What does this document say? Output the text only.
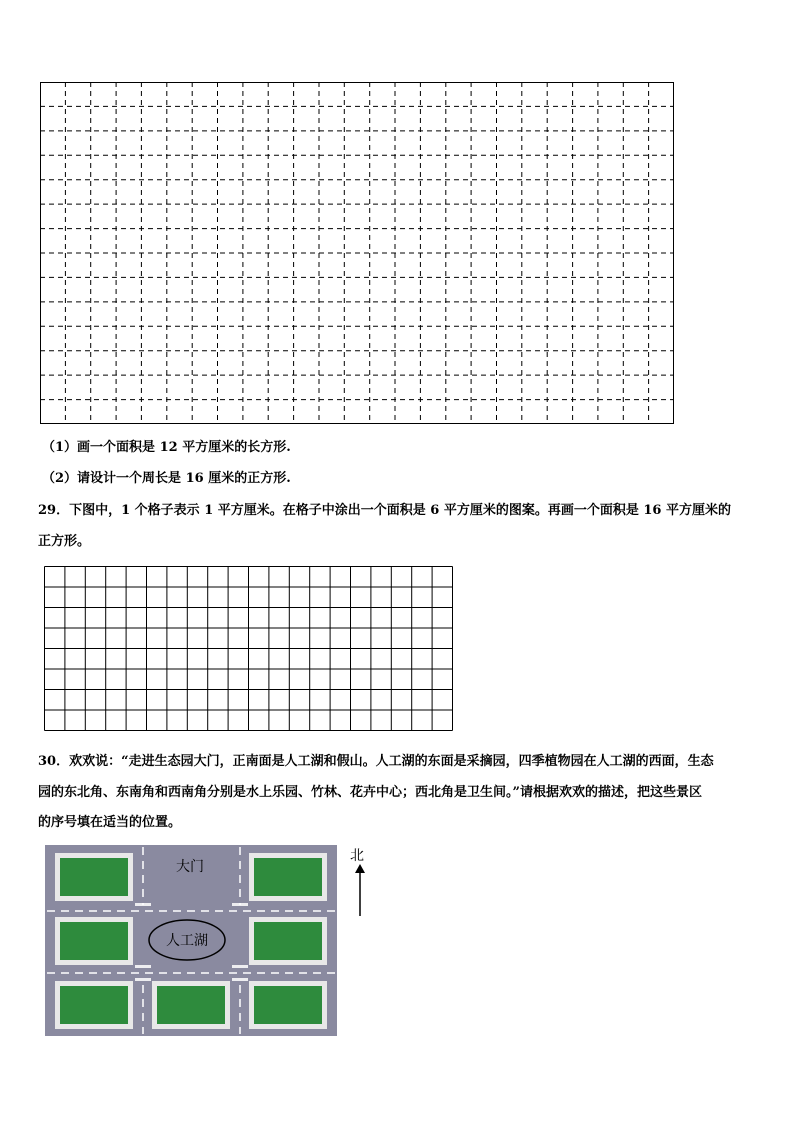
（1）画一个面积是 12 平方厘米的长方形.
（2）请设计一个周长是 16 厘米的正方形.
29．下图中，1 个格子表示 1 平方厘米。在格子中涂出一个面积是 6 平方厘米的图案。再画一个面积是 16 平方厘米的
正方形。
30．欢欢说：“走进生态园大门，正南面是人工湖和假山。人工湖的东面是采摘园，四季植物园在人工湖的西面，生态
园的东北角、东南角和西南角分别是水上乐园、竹林、花卉中心；西北角是卫生间。”请根据欢欢的描述，把这些景区
的序号填在适当的位置。
大门
人工湖
北
